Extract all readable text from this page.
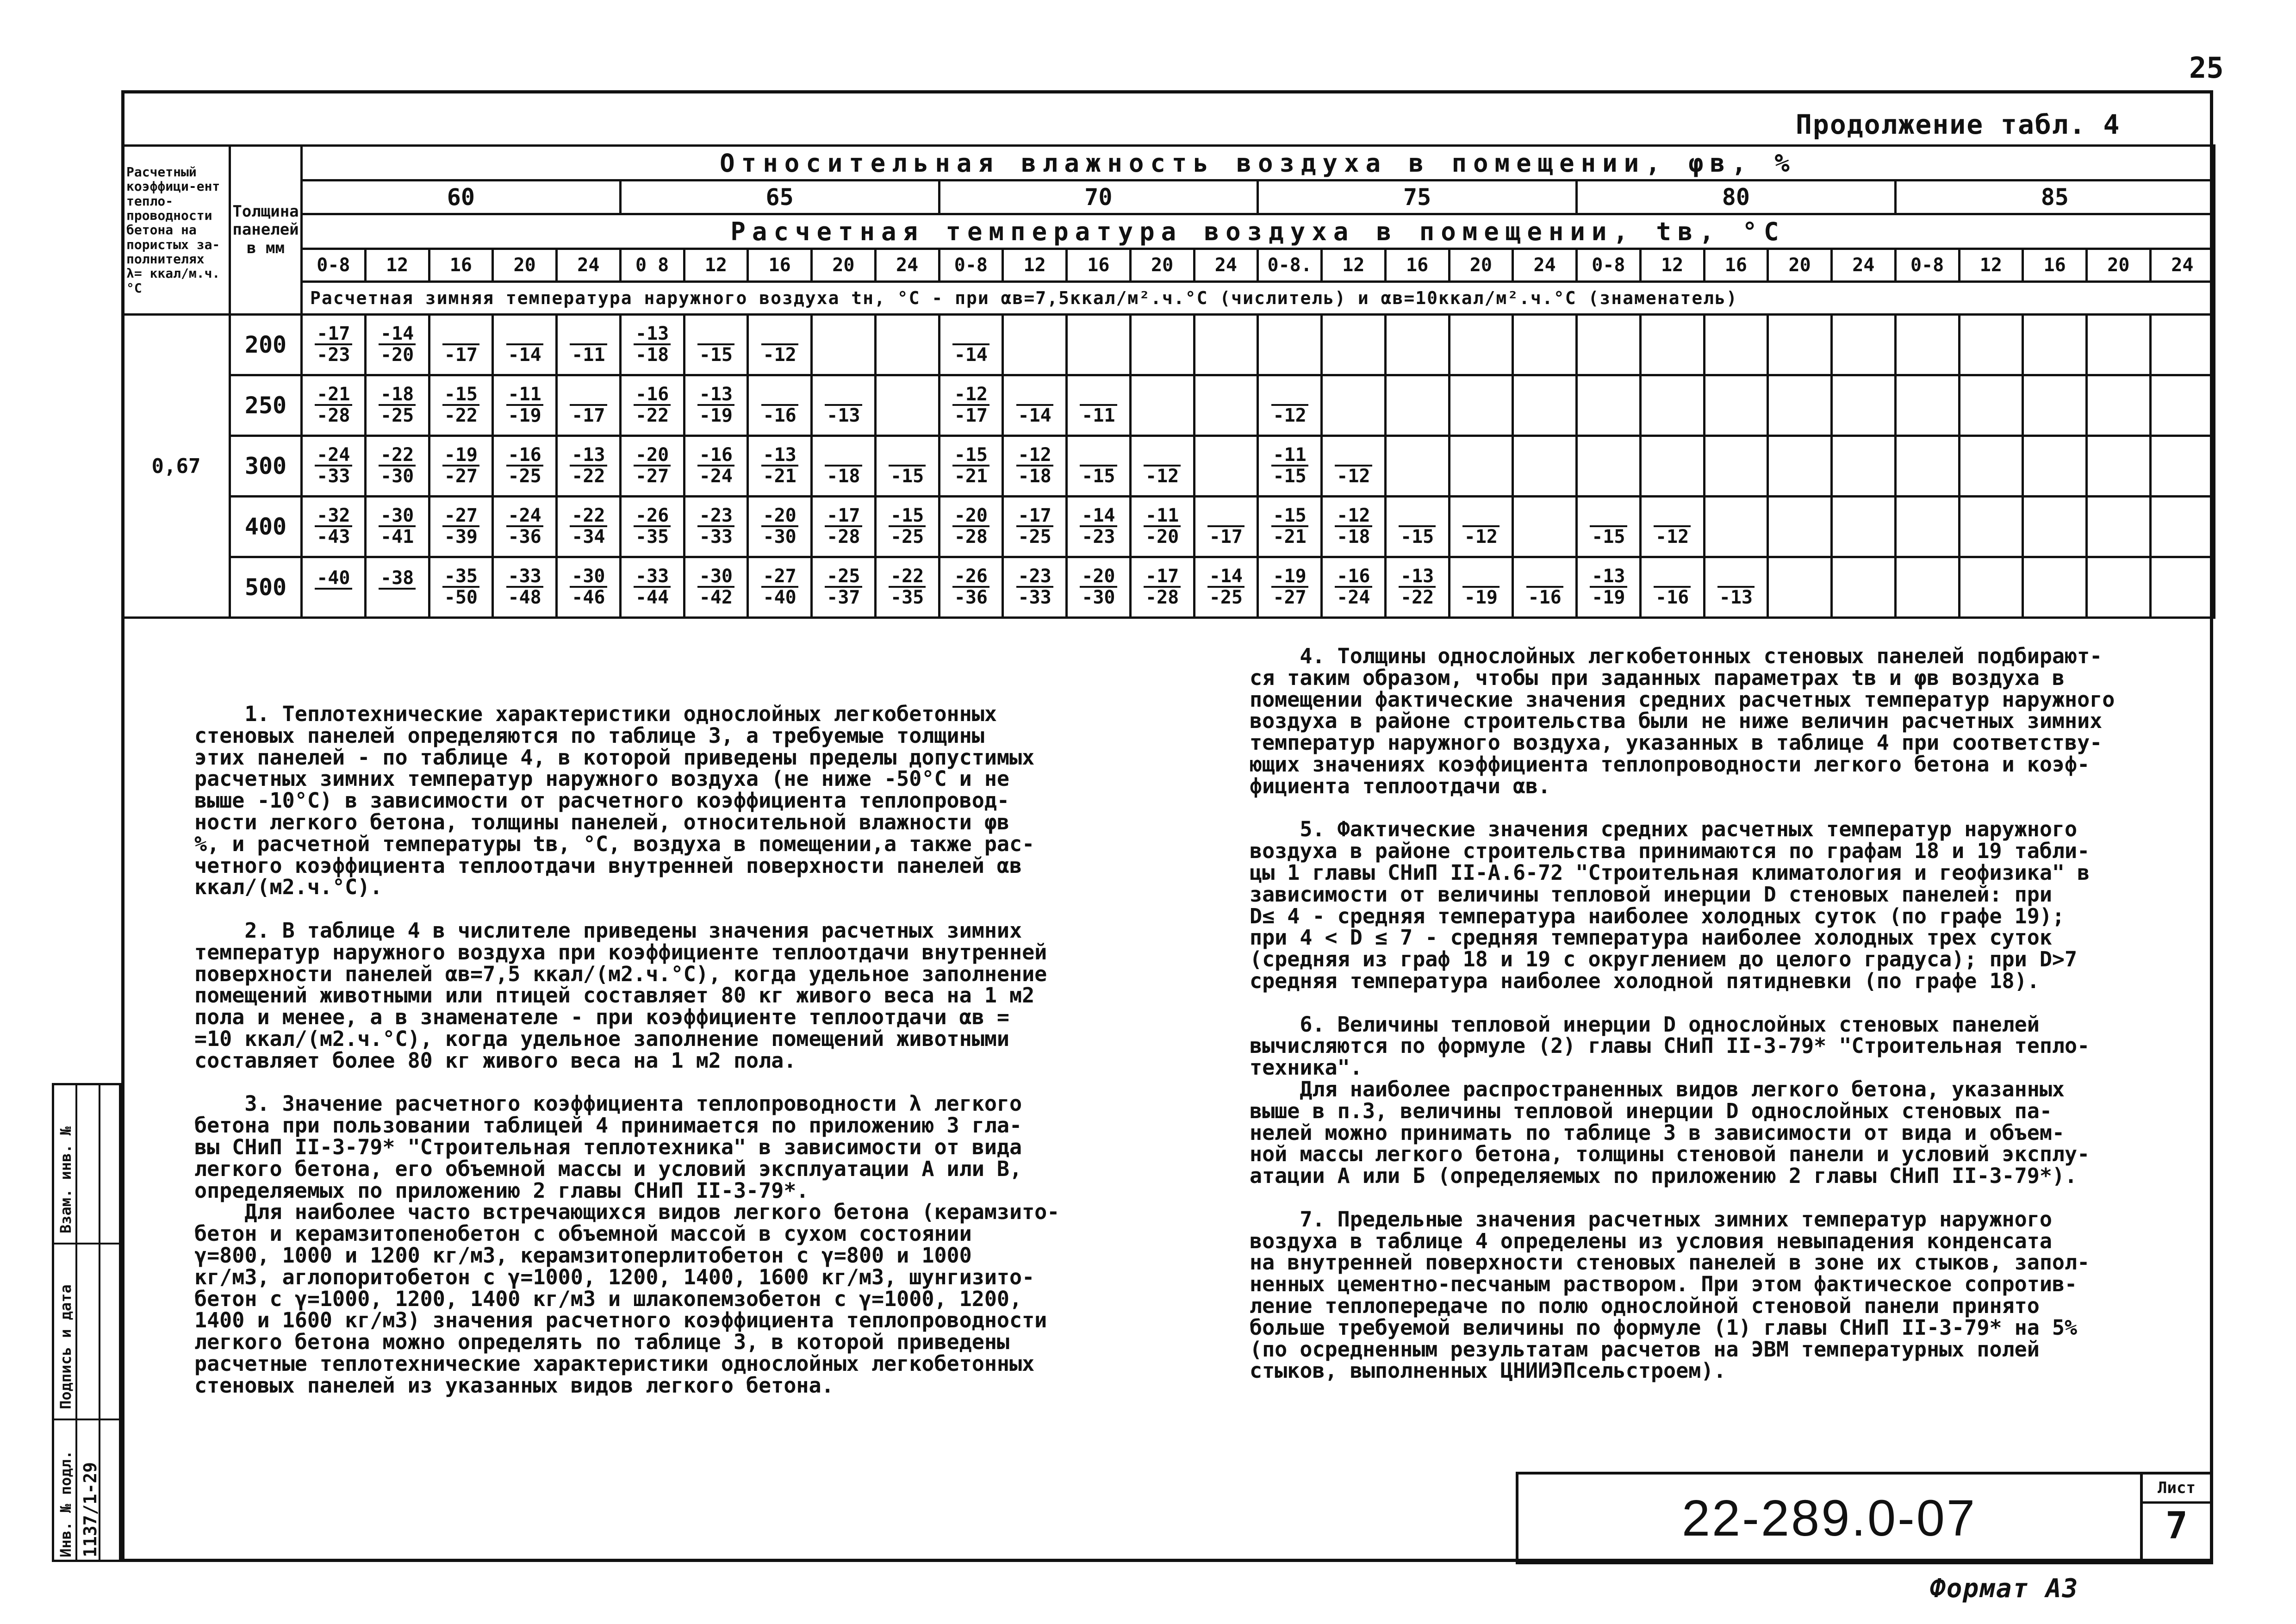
25
Продолжение табл. 4
Расчетный коэффици-ент тепло-проводности бетона на пористых за-полнителях λ= ккал/м.ч.°С	Толщина панелей в мм	Относительная влажность воздуха в помещении, φв, %																													
		60					65					70					75					80					85				
		Расчетная температура воздуха в помещении, tв, °С																													
		0-8	12	16	20	24	0 8	12	16	20	24	0-8	12	16	20	24	0-8.	12	16	20	24	0-8	12	16	20	24	0-8	12	16	20	24
		Расчетная зимняя температура наружного воздуха tн, °С - при αв=7,5ккал/м².ч.°С (числитель) и αв=10ккал/м².ч.°С (знаменатель)																													
0,67	200	$\frac{-17}{-23}$	$\frac{-14}{-20}$	-17	-14	-11	$\frac{-13}{-18}$	-15	-12			-14																			

	250	$\frac{-21}{-28}$	$\frac{-18}{-25}$	$\frac{-15}{-22}$	$\frac{-11}{-19}$	-17	$\frac{-16}{-22}$	$\frac{-13}{-19}$	-16	-13		$\frac{-12}{-17}$	-14	-11			-12														

	300	$\frac{-24}{-33}$	$\frac{-22}{-30}$	$\frac{-19}{-27}$	$\frac{-16}{-25}$	$\frac{-13}{-22}$	$\frac{-20}{-27}$	$\frac{-16}{-24}$	$\frac{-13}{-21}$	-18	-15	$\frac{-15}{-21}$	$\frac{-12}{-18}$	-15	-12		$\frac{-11}{-15}$	-12													

	400	$\frac{-32}{-43}$	$\frac{-30}{-41}$	$\frac{-27}{-39}$	$\frac{-24}{-36}$	$\frac{-22}{-34}$	$\frac{-26}{-35}$	$\frac{-23}{-33}$	$\frac{-20}{-30}$	$\frac{-17}{-28}$	$\frac{-15}{-25}$	$\frac{-20}{-28}$	$\frac{-17}{-25}$	$\frac{-14}{-23}$	$\frac{-11}{-20}$	-17	$\frac{-15}{-21}$	$\frac{-12}{-18}$	-15	-12		-15	-12								

	500	-40	-38	$\frac{-35}{-50}$	$\frac{-33}{-48}$	$\frac{-30}{-46}$	$\frac{-33}{-44}$	$\frac{-30}{-42}$	$\frac{-27}{-40}$	$\frac{-25}{-37}$	$\frac{-22}{-35}$	$\frac{-26}{-36}$	$\frac{-23}{-33}$	$\frac{-20}{-30}$	$\frac{-17}{-28}$	$\frac{-14}{-25}$	$\frac{-19}{-27}$	$\frac{-16}{-24}$	$\frac{-13}{-22}$	-19	-16	$\frac{-13}{-19}$	-16	-13							

1. Теплотехнические характеристики однослойных легкобетонных
стеновых панелей определяются по таблице 3, а требуемые толщины
этих панелей - по таблице 4, в которой приведены пределы допустимых
расчетных зимних температур наружного воздуха (не ниже -50°С и не
выше -10°С) в зависимости от расчетного коэффициента теплопровод-
ности легкого бетона, толщины панелей, относительной влажности φв
%, и расчетной температуры tв, °С, воздуха в помещении,а также рас-
четного коэффициента теплоотдачи внутренней поверхности панелей αв
ккал/(м2.ч.°С).

2. В таблице 4 в числителе приведены значения расчетных зимних
температур наружного воздуха при коэффициенте теплоотдачи внутренней
поверхности панелей αв=7,5 ккал/(м2.ч.°С), когда удельное заполнение
помещений животными или птицей составляет 80 кг живого веса на 1 м2
пола и менее, а в знаменателе - при коэффициенте теплоотдачи αв =
=10 ккал/(м2.ч.°С), когда удельное заполнение помещений животными
составляет более 80 кг живого веса на 1 м2 пола.

3. Значение расчетного коэффициента теплопроводности λ легкого
бетона при пользовании таблицей 4 принимается по приложению 3 гла-
вы СНиП II-3-79* "Строительная теплотехника" в зависимости от вида
легкого бетона, его объемной массы и условий эксплуатации А или В,
определяемых по приложению 2 главы СНиП II-3-79*.
Для наиболее часто встречающихся видов легкого бетона (керамзито-
бетон и керамзитопенобетон с объемной массой в сухом состоянии
γ=800, 1000 и 1200 кг/м3, керамзитоперлитобетон с γ=800 и 1000
кг/м3, аглопоритобетон с γ=1000, 1200, 1400, 1600 кг/м3, шунгизито-
бетон с γ=1000, 1200, 1400 кг/м3 и шлакопемзобетон с γ=1000, 1200,
1400 и 1600 кг/м3) значения расчетного коэффициента теплопроводности
легкого бетона можно определять по таблице 3, в которой приведены
расчетные теплотехнические характеристики однослойных легкобетонных
стеновых панелей из указанных видов легкого бетона.
4. Толщины однослойных легкобетонных стеновых панелей подбирают-
ся таким образом, чтобы при заданных параметрах tв и φв воздуха в
помещении фактические значения средних расчетных температур наружного
воздуха в районе строительства были не ниже величин расчетных зимних
температур наружного воздуха, указанных в таблице 4 при соответству-
ющих значениях коэффициента теплопроводности легкого бетона и коэф-
фициента теплоотдачи αв.

5. Фактические значения средних расчетных температур наружного
воздуха в районе строительства принимаются по графам 18 и 19 табли-
цы 1 главы СНиП II-А.6-72 "Строительная климатология и геофизика" в
зависимости от величины тепловой инерции D стеновых панелей: при
D≤ 4 - средняя температура наиболее холодных суток (по графе 19);
при 4 < D ≤ 7 - средняя температура наиболее холодных трех суток
(средняя из граф 18 и 19 с округлением до целого градуса); при D>7
средняя температура наиболее холодной пятидневки (по графе 18).

6. Величины тепловой инерции D однослойных стеновых панелей
вычисляются по формуле (2) главы СНиП II-3-79* "Строительная тепло-
техника".
Для наиболее распространенных видов легкого бетона, указанных
выше в п.3, величины тепловой инерции D однослойных стеновых па-
нелей можно принимать по таблице 3 в зависимости от вида и объем-
ной массы легкого бетона, толщины стеновой панели и условий эксплу-
атации А или Б (определяемых по приложению 2 главы СНиП II-3-79*).

7. Предельные значения расчетных зимних температур наружного
воздуха в таблице 4 определены из условия невыпадения конденсата
на внутренней поверхности стеновых панелей в зоне их стыков, запол-
ненных цементно-песчаным раствором. При этом фактическое сопротив-
ление теплопередаче по полю однослойной стеновой панели принято
больше требуемой величины по формуле (1) главы СНиП II-3-79* на 5%
(по осредненным результатам расчетов на ЭВМ температурных полей
стыков, выполненных ЦНИИЭПсельстроем).
22-289.0-07
Лист
7
Формат А3
Инв. № подл. 1137/1-29
Подпись и дата
Взам. инв. №
